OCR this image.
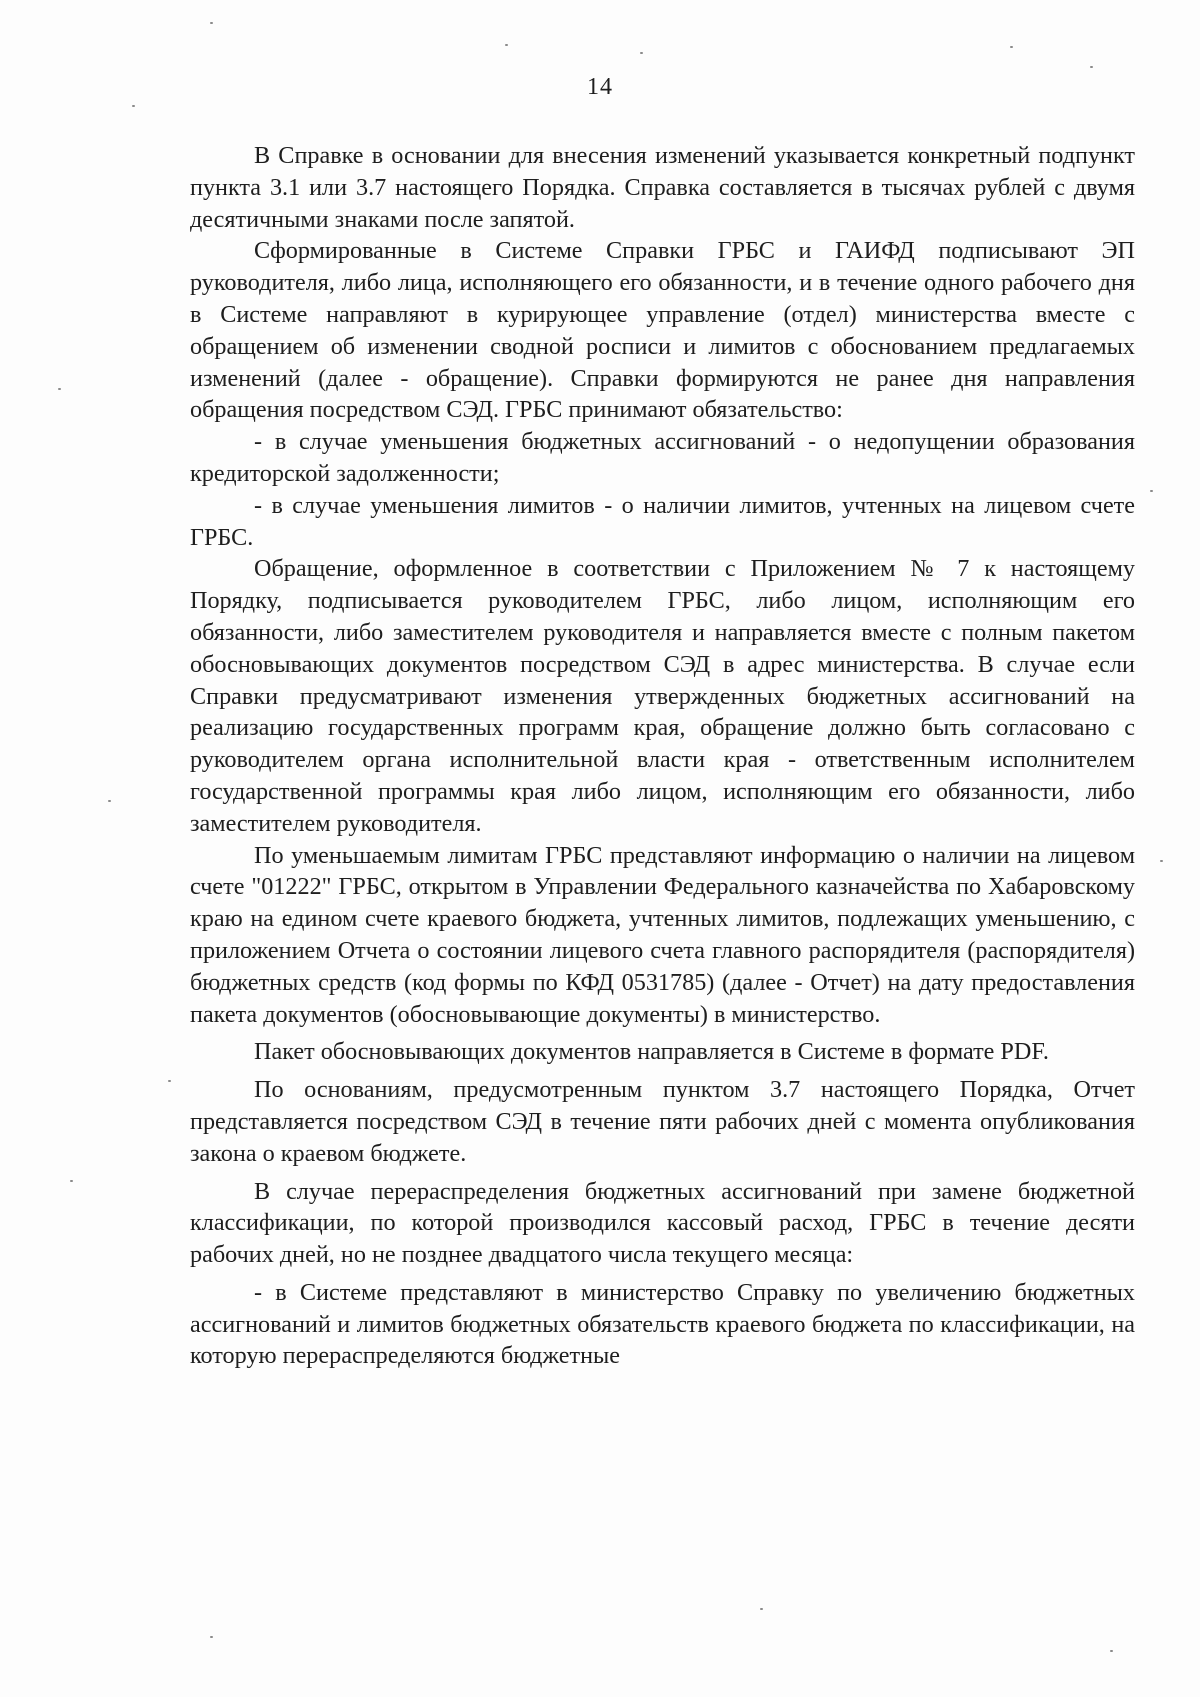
14

В Справке в основании для внесения изменений указывается конкретный подпункт пункта 3.1 или 3.7 настоящего Порядка. Справка составляется в тысячах рублей с двумя десятичными знаками после запятой.

Сформированные в Системе Справки ГРБС и ГАИФД подписывают ЭП руководителя, либо лица, исполняющего его обязанности, и в течение одного рабочего дня в Системе направляют в курирующее управление (отдел) министерства вместе с обращением об изменении сводной росписи и лимитов с обоснованием предлагаемых изменений (далее - обращение). Справки формируются не ранее дня направления обращения посредством СЭД. ГРБС принимают обязательство:

- в случае уменьшения бюджетных ассигнований - о недопущении образования кредиторской задолженности;

- в случае уменьшения лимитов - о наличии лимитов, учтенных на лицевом счете ГРБС.

Обращение, оформленное в соответствии с Приложением № 7 к настоящему Порядку, подписывается руководителем ГРБС, либо лицом, исполняющим его обязанности, либо заместителем руководителя и направляется вместе с полным пакетом обосновывающих документов посредством СЭД в адрес министерства. В случае если Справки предусматривают изменения утвержденных бюджетных ассигнований на реализацию государственных программ края, обращение должно быть согласовано с руководителем органа исполнительной власти края - ответственным исполнителем государственной программы края либо лицом, исполняющим его обязанности, либо заместителем руководителя.

По уменьшаемым лимитам ГРБС представляют информацию о наличии на лицевом счете "01222" ГРБС, открытом в Управлении Федерального казначейства по Хабаровскому краю на едином счете краевого бюджета, учтенных лимитов, подлежащих уменьшению, с приложением Отчета о состоянии лицевого счета главного распорядителя (распорядителя) бюджетных средств (код формы по КФД 0531785) (далее - Отчет) на дату предоставления пакета документов (обосновывающие документы) в министерство.

Пакет обосновывающих документов направляется в Системе в формате PDF.

По основаниям, предусмотренным пунктом 3.7 настоящего Порядка, Отчет представляется посредством СЭД в течение пяти рабочих дней с момента опубликования закона о краевом бюджете.

В случае перераспределения бюджетных ассигнований при замене бюджетной классификации, по которой производился кассовый расход, ГРБС в течение десяти рабочих дней, но не позднее двадцатого числа текущего месяца:

- в Системе представляют в министерство Справку по увеличению бюджетных ассигнований и лимитов бюджетных обязательств краевого бюджета по классификации, на которую перераспределяются бюджетные
